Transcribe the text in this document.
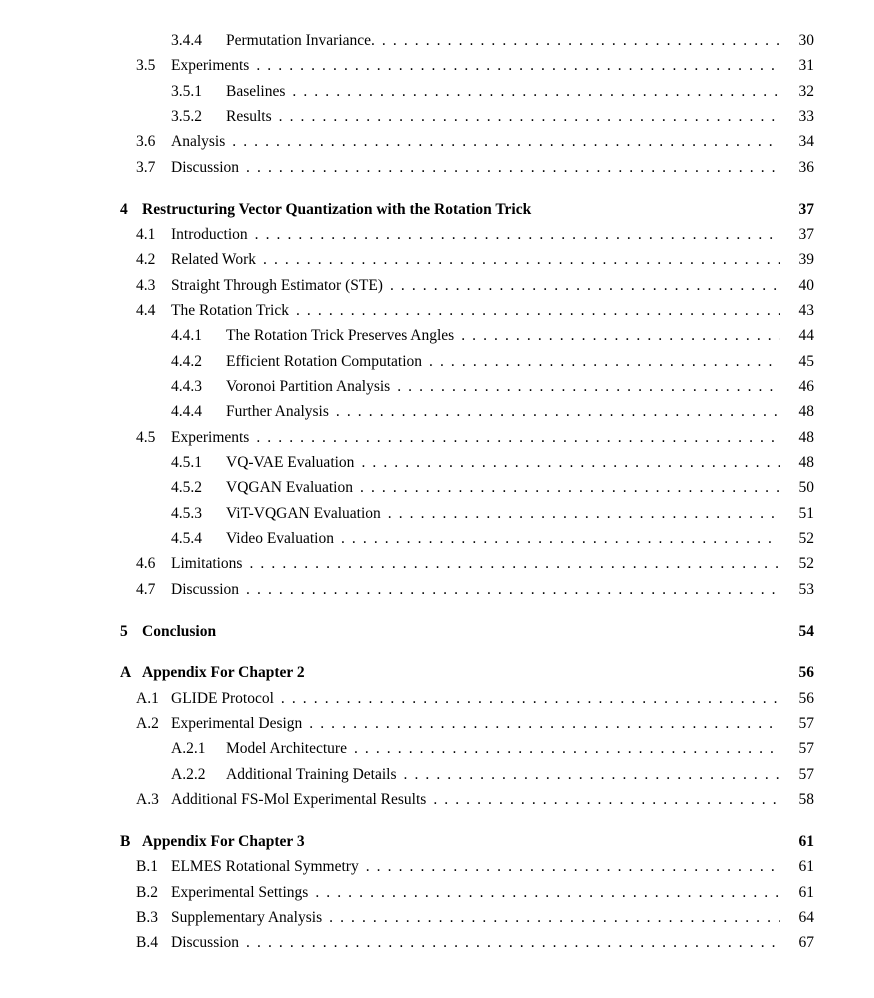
3.4.4	Permutation Invariance. . . .	30
3.5	Experiments . . .	31
3.5.1	Baselines . . .	32
3.5.2	Results . . .	33
3.6	Analysis . . .	34
3.7	Discussion . . .	36
4 Restructuring Vector Quantization with the Rotation Trick	37
4.1	Introduction . . .	37
4.2	Related Work . . .	39
4.3	Straight Through Estimator (STE) . . .	40
4.4	The Rotation Trick . . .	43
4.4.1	The Rotation Trick Preserves Angles . . .	44
4.4.2	Efficient Rotation Computation . . .	45
4.4.3	Voronoi Partition Analysis . . .	46
4.4.4	Further Analysis . . .	48
4.5	Experiments . . .	48
4.5.1	VQ-VAE Evaluation . . .	48
4.5.2	VQGAN Evaluation . . .	50
4.5.3	ViT-VQGAN Evaluation . . .	51
4.5.4	Video Evaluation . . .	52
4.6	Limitations . . .	52
4.7	Discussion . . .	53
5 Conclusion	54
A Appendix For Chapter 2	56
A.1 GLIDE Protocol . . .	56
A.2 Experimental Design . . .	57
A.2.1	Model Architecture . . .	57
A.2.2	Additional Training Details . . .	57
A.3 Additional FS-Mol Experimental Results . . .	58
B Appendix For Chapter 3	61
B.1 ELMES Rotational Symmetry . . .	61
B.2 Experimental Settings . . .	61
B.3 Supplementary Analysis . . .	64
B.4 Discussion . . .	67
